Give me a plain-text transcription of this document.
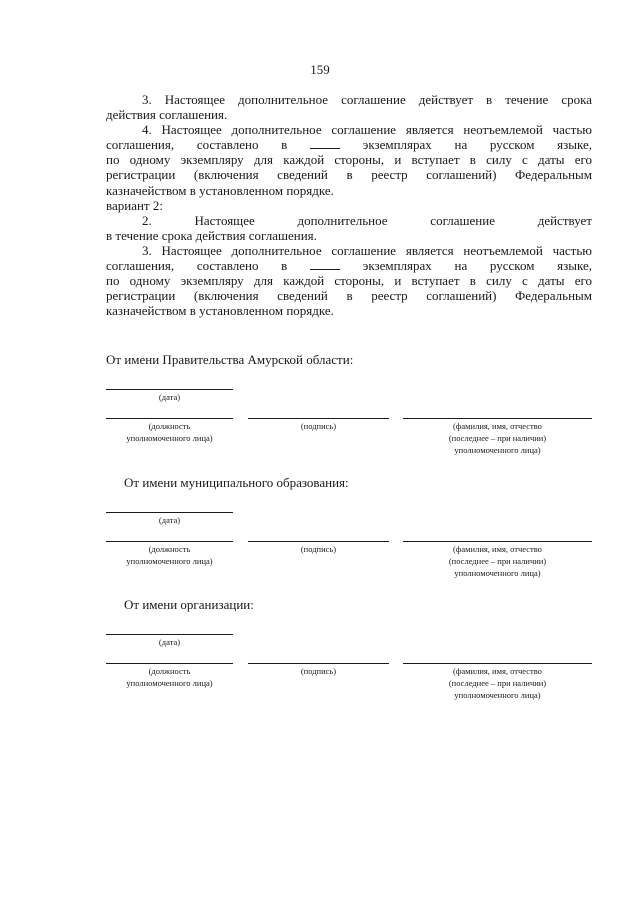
159

3. Настоящее дополнительное соглашение действует в течение срока

действия соглашения.

4. Настоящее дополнительное соглашение является неотъемлемой частью

соглашения, составлено в	экземплярах на русском языке,

по одному экземпляру для каждой стороны, и вступает в силу с даты его

регистрации (включения сведений в реестр соглашений) Федеральным

казначейством в установленном порядке.

вариант 2:

2. Настоящее дополнительное соглашение действует

в течение срока действия соглашения.

3. Настоящее дополнительное соглашение является неотъемлемой частью

соглашения, составлено в	экземплярах на русском языке,

по одному экземпляру для каждой стороны, и вступает в силу с даты его

регистрации (включения сведений в реестр соглашений) Федеральным

казначейством в установленном порядке.

От имени Правительства Амурской области:
(дата)
(должность
уполномоченного лица)
(подпись)	(фамилия, имя, отчество
(последнее – при наличии)
уполномоченного лица)
От имени муниципального образования:
(дата)
(должность
уполномоченного лица)
(подпись)	(фамилия, имя, отчество
(последнее – при наличии)
уполномоченного лица)
От имени организации:
(дата)
(должность
уполномоченного лица)
(подпись)	(фамилия, имя, отчество
(последнее – при наличии)
уполномоченного лица)
